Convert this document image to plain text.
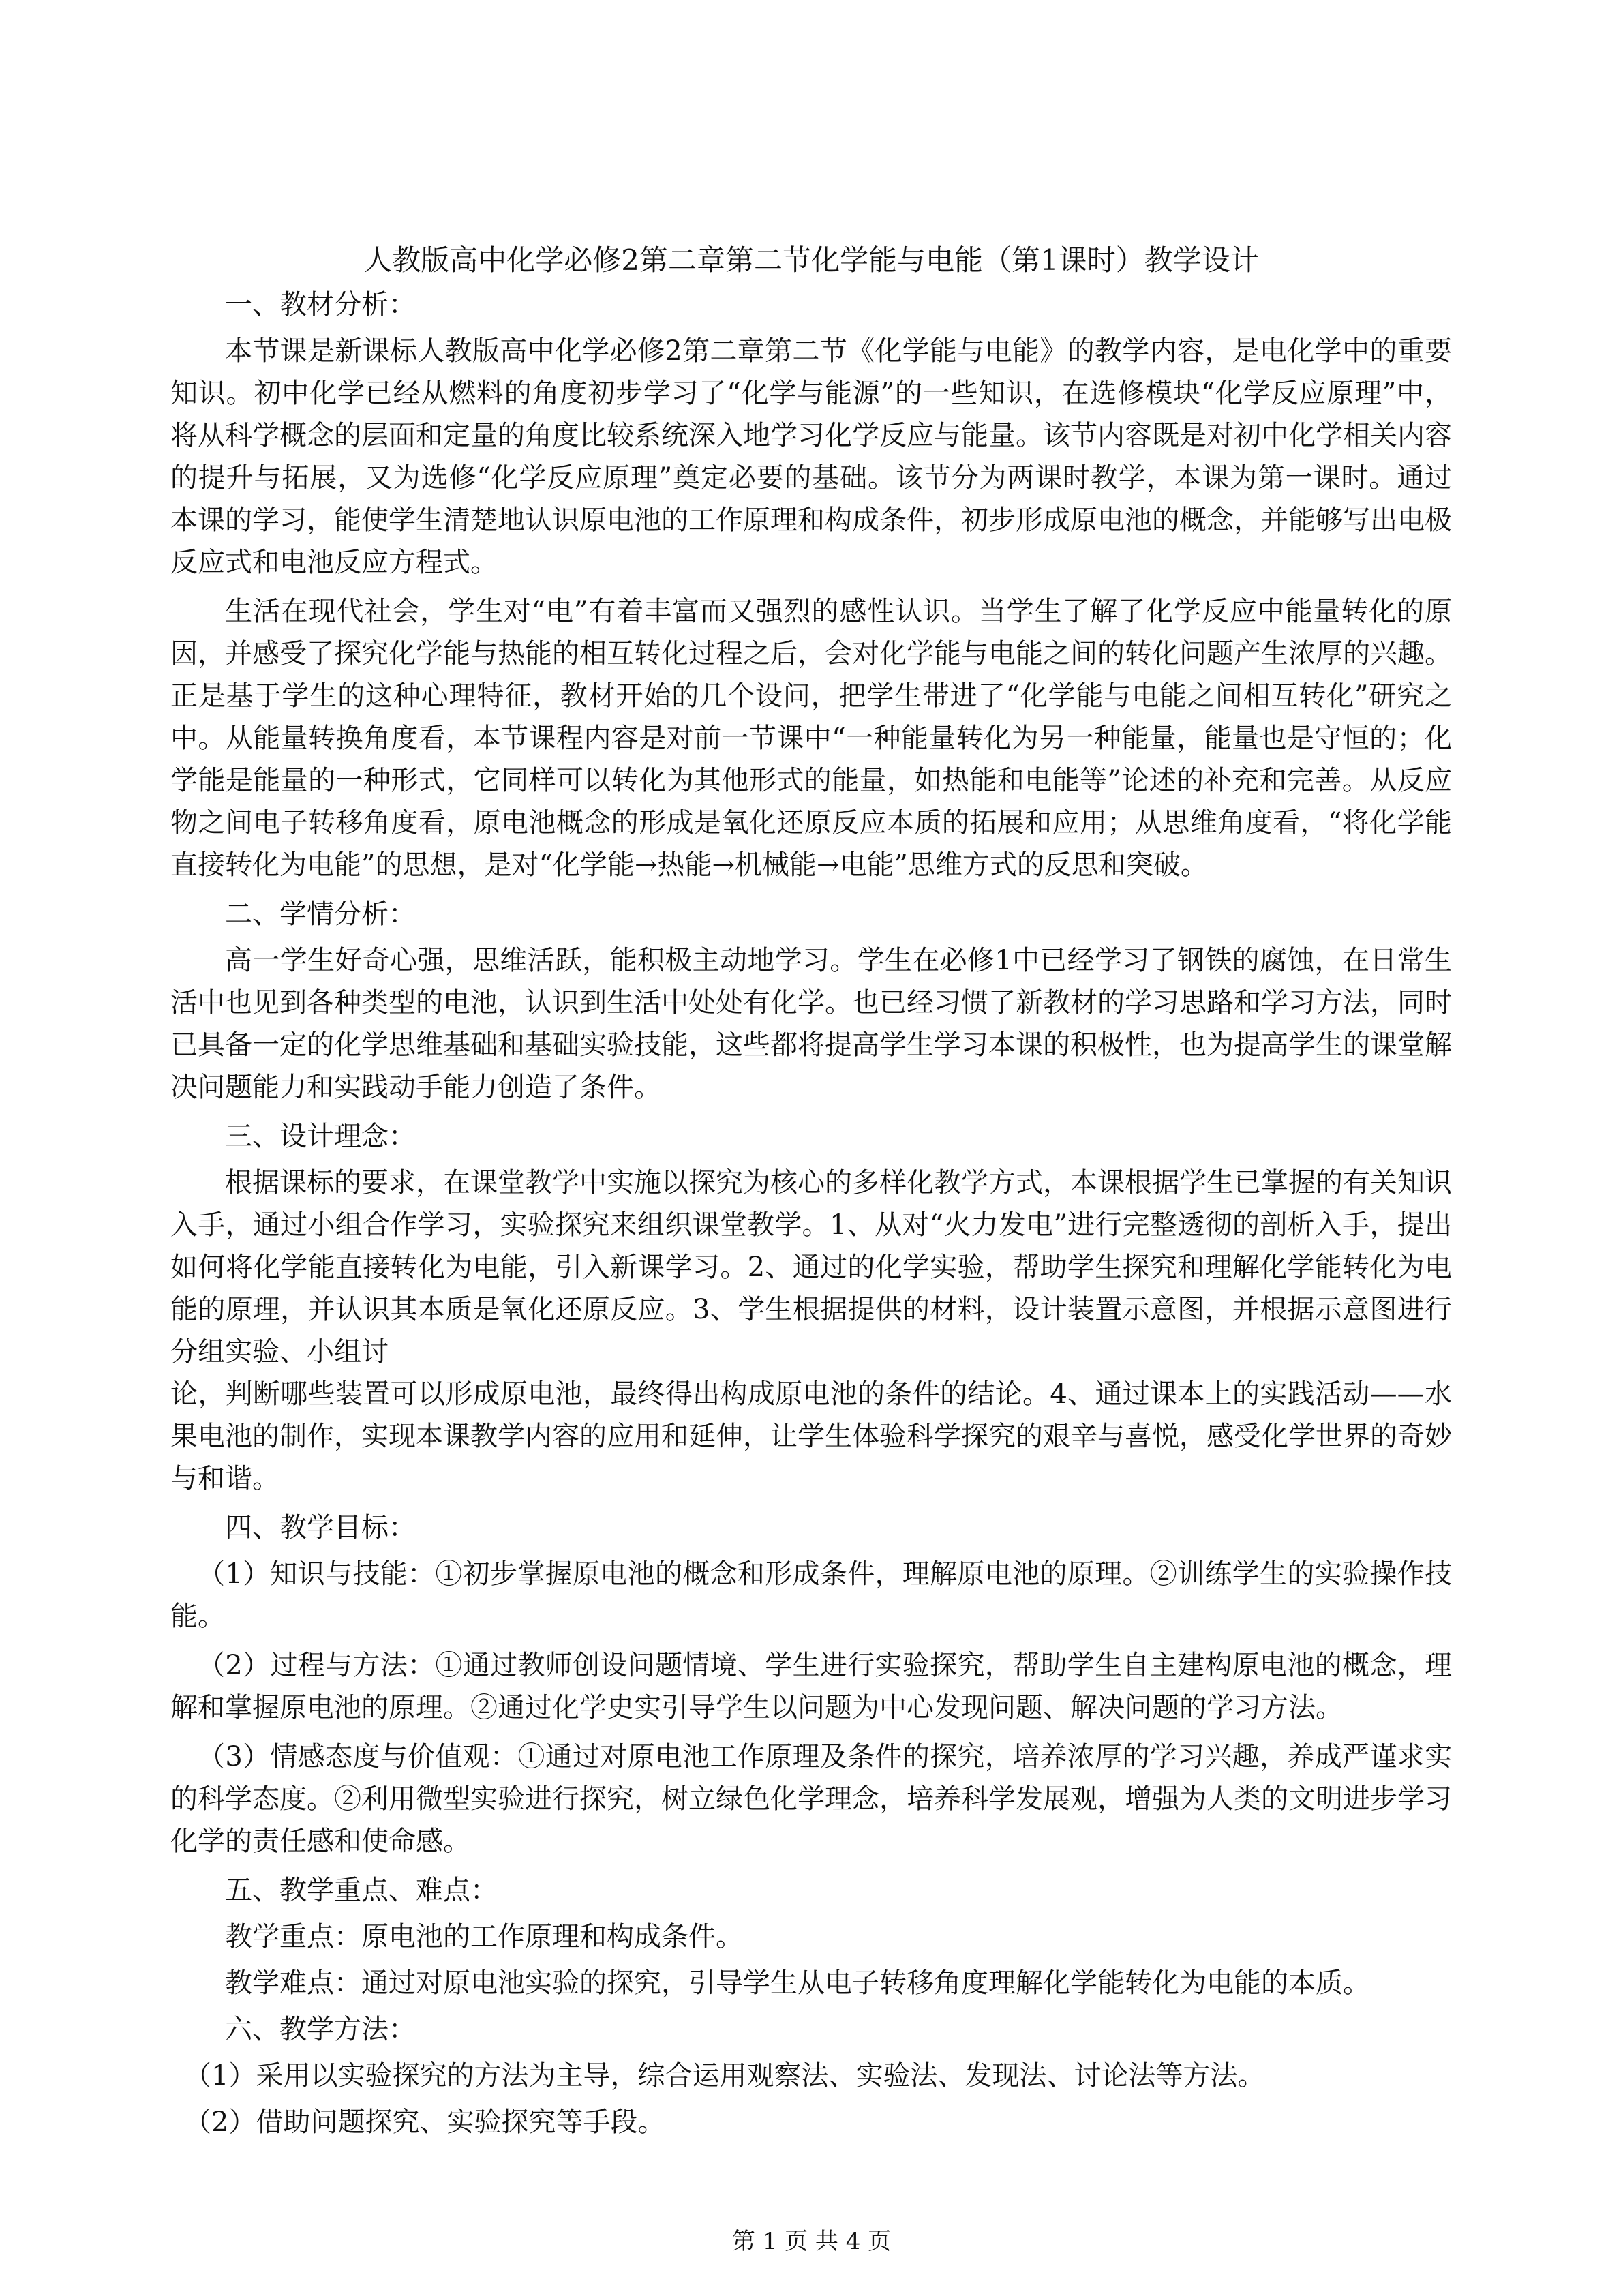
人教版高中化学必修2第二章第二节化学能与电能（第1课时）教学设计
一、教材分析：

本节课是新课标人教版高中化学必修2第二章第二节《化学能与电能》的教学内容，是电化学中的重要知识。初中化学已经从燃料的角度初步学习了“化学与能源”的一些知识，在选修模块“化学反应原理”中，将从科学概念的层面和定量的角度比较系统深入地学习化学反应与能量。该节内容既是对初中化学相关内容的提升与拓展，又为选修“化学反应原理”奠定必要的基础。该节分为两课时教学，本课为第一课时。通过本课的学习，能使学生清楚地认识原电池的工作原理和构成条件，初步形成原电池的概念，并能够写出电极反应式和电池反应方程式。

生活在现代社会，学生对“电”有着丰富而又强烈的感性认识。当学生了解了化学反应中能量转化的原因，并感受了探究化学能与热能的相互转化过程之后，会对化学能与电能之间的转化问题产生浓厚的兴趣。正是基于学生的这种心理特征，教材开始的几个设问，把学生带进了“化学能与电能之间相互转化”研究之中。从能量转换角度看，本节课程内容是对前一节课中“一种能量转化为另一种能量，能量也是守恒的；化学能是能量的一种形式，它同样可以转化为其他形式的能量，如热能和电能等”论述的补充和完善。从反应物之间电子转移角度看，原电池概念的形成是氧化还原反应本质的拓展和应用；从思维角度看，“将化学能直接转化为电能”的思想，是对“化学能→热能→机械能→电能”思维方式的反思和突破。

二、学情分析：

高一学生好奇心强，思维活跃，能积极主动地学习。学生在必修1中已经学习了钢铁的腐蚀，在日常生活中也见到各种类型的电池，认识到生活中处处有化学。也已经习惯了新教材的学习思路和学习方法，同时已具备一定的化学思维基础和基础实验技能，这些都将提高学生学习本课的积极性，也为提高学生的课堂解决问题能力和实践动手能力创造了条件。

三、设计理念：

根据课标的要求，在课堂教学中实施以探究为核心的多样化教学方式，本课根据学生已掌握的有关知识入手，通过小组合作学习，实验探究来组织课堂教学。1、从对“火力发电”进行完整透彻的剖析入手，提出如何将化学能直接转化为电能，引入新课学习。2、通过的化学实验，帮助学生探究和理解化学能转化为电能的原理，并认识其本质是氧化还原反应。3、学生根据提供的材料，设计装置示意图，并根据示意图进行分组实验、小组讨

论，判断哪些装置可以形成原电池，最终得出构成原电池的条件的结论。4、通过课本上的实践活动——水果电池的制作，实现本课教学内容的应用和延伸，让学生体验科学探究的艰辛与喜悦，感受化学世界的奇妙与和谐。

四、教学目标：

（1）知识与技能：①初步掌握原电池的概念和形成条件，理解原电池的原理。②训练学生的实验操作技能。

（2）过程与方法：①通过教师创设问题情境、学生进行实验探究，帮助学生自主建构原电池的概念，理解和掌握原电池的原理。②通过化学史实引导学生以问题为中心发现问题、解决问题的学习方法。

（3）情感态度与价值观：①通过对原电池工作原理及条件的探究，培养浓厚的学习兴趣，养成严谨求实的科学态度。②利用微型实验进行探究，树立绿色化学理念，培养科学发展观，增强为人类的文明进步学习化学的责任感和使命感。

五、教学重点、难点：
教学重点：原电池的工作原理和构成条件。
教学难点：通过对原电池实验的探究，引导学生从电子转移角度理解化学能转化为电能的本质。
六、教学方法：
（1）采用以实验探究的方法为主导，综合运用观察法、实验法、发现法、讨论法等方法。
（2）借助问题探究、实验探究等手段。
第 1 页 共 4 页
